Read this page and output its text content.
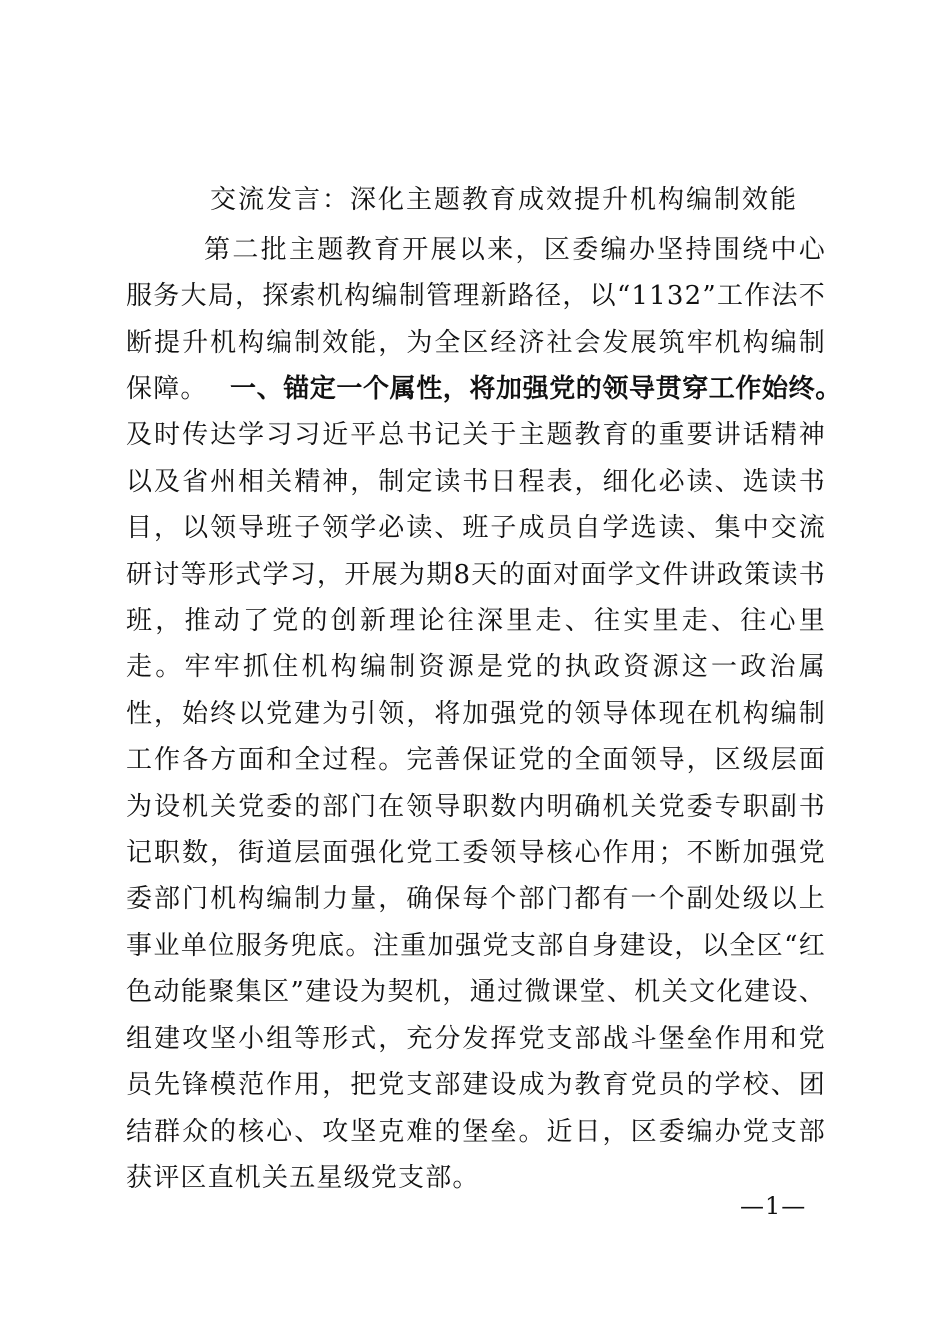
交流发言：深化主题教育成效提升机构编制效能

第二批主题教育开展以来，区委编办坚持围绕中心服务大局，探索机构编制管理新路径，以“1132”工作法不断提升机构编制效能，为全区经济社会发展筑牢机构编制保障。 一、锚定一个属性，将加强党的领导贯穿工作始终。
及时传达学习习近平总书记关于主题教育的重要讲话精神以及省州相关精神，制定读书日程表，细化必读、选读书目，以领导班子领学必读、班子成员自学选读、集中交流研讨等形式学习，开展为期8天的面对面学文件讲政策读书班，推动了党的创新理论往深里走、往实里走、往心里走。牢牢抓住机构编制资源是党的执政资源这一政治属性，始终以党建为引领，将加强党的领导体现在机构编制工作各方面和全过程。完善保证党的全面领导，区级层面为设机关党委的部门在领导职数内明确机关党委专职副书记职数，街道层面强化党工委领导核心作用；不断加强党委部门机构编制力量，确保每个部门都有一个副处级以上事业单位服务兜底。注重加强党支部自身建设，以全区“红色动能聚集区”建设为契机，通过微课堂、机关文化建设、组建攻坚小组等形式，充分发挥党支部战斗堡垒作用和党员先锋模范作用，把党支部建设成为教育党员的学校、团结群众的核心、攻坚克难的堡垒。近日，区委编办党支部获评区直机关五星级党支部。
—1—
